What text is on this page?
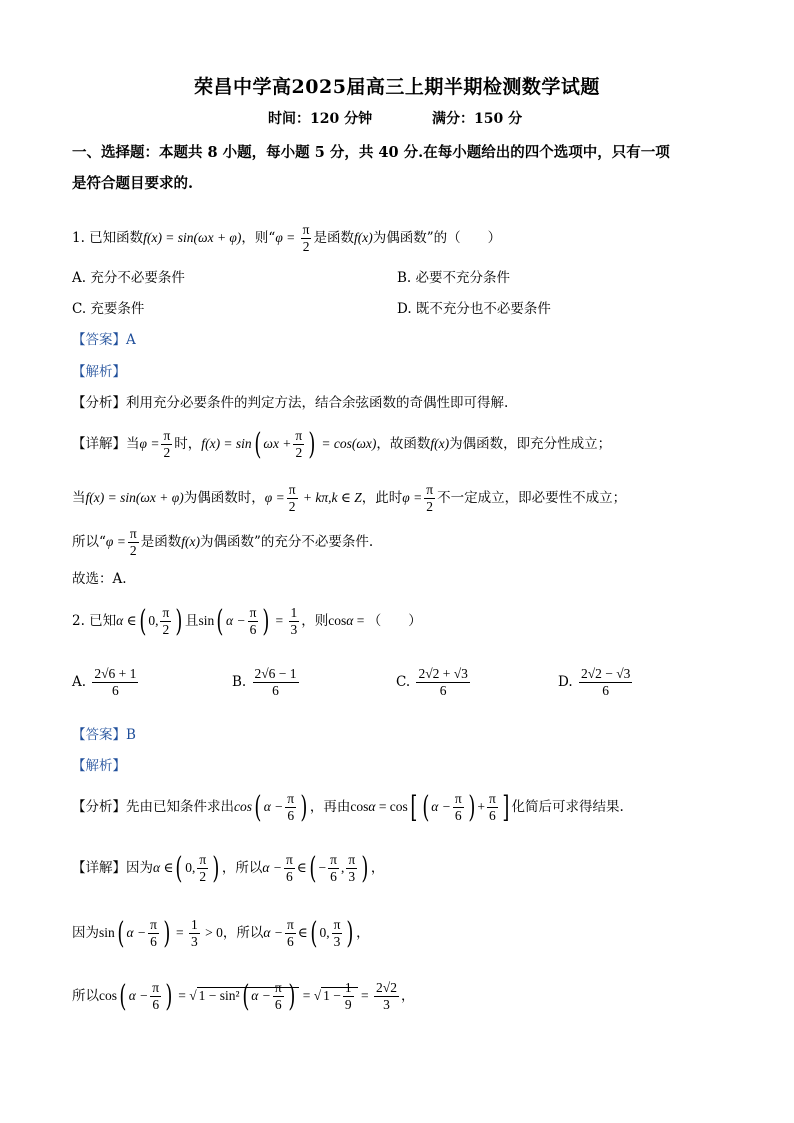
荣昌中学高2025届高三上期半期检测数学试题
时间：120 分钟	满分：150 分
一、选择题：本题共 8 小题，每小题 5 分，共 40 分.在每小题给出的四个选项中，只有一项
是符合题目要求的.
1. 已知函数f(x) = sin(ωx + φ)，则“$\varphi = \frac{\pi}{2}$ 是函数f(x)为偶函数”的（　　）
A. 充分不必要条件	B. 必要不充分条件
C. 充要条件	D. 既不充分也不必要条件
【答案】A
【解析】
【分析】利用充分必要条件的判定方法，结合余弦函数的奇偶性即可得解.
【详解】当$\varphi = \frac{\pi}{2}$ 时，f(x) = sin( $\omega x + \frac{\pi}{2}$ ) = cos(ωx)，故函数f(x)为偶函数，即充分性成立；
当f(x) = sin(ωx + φ)为偶函数时，$\varphi = \frac{\pi}{2} + k\pi,k$ ∈ Z，此时$\varphi = \frac{\pi}{2}$ 不一定成立，即必要性不成立；
所以“$\varphi = \frac{\pi}{2}$ 是函数f(x)为偶函数”的充分不必要条件.
故选：A.
2. 已知α ∈( 0, $\frac{\pi}{2}$ ) 且sin( $\alpha - \frac{\pi}{6}$ ) = $\frac{1}{3}$ ，则cosα = （　　）
A. $\frac{2√6 + 1}{6}$	B. $\frac{2√6 - 1}{6}$	C. $\frac{2√2 + √3}{6}$	D. $\frac{2√2 - √3}{6}$
【答案】B
【解析】
【分析】先由已知条件求出cos( $\alpha - \frac{\pi}{6}$ ) ，再由cosα = cos[ ( $\alpha - \frac{\pi}{6}$ ) + $\frac{\pi}{6}$ ] 化简后可求得结果.
【详解】因为α ∈( 0, $\frac{\pi}{2}$ ) ，所以$\alpha - \frac{\pi}{6}$ ∈( − $\frac{\pi}{6}$ , $\frac{\pi}{3}$ ) ，
因为sin( $\alpha - \frac{\pi}{6}$ ) = $\frac{1}{3} > 0$，所以$\alpha - \frac{\pi}{6}$ ∈( 0, $\frac{\pi}{3}$ ) ，
所以cos( $\alpha - \frac{\pi}{6}$ ) = √ 1 − sin²( $\alpha - \frac{\pi}{6}$ ) = √ $1 - \frac{1}{9} = \frac{2√2}{3}$ ，
